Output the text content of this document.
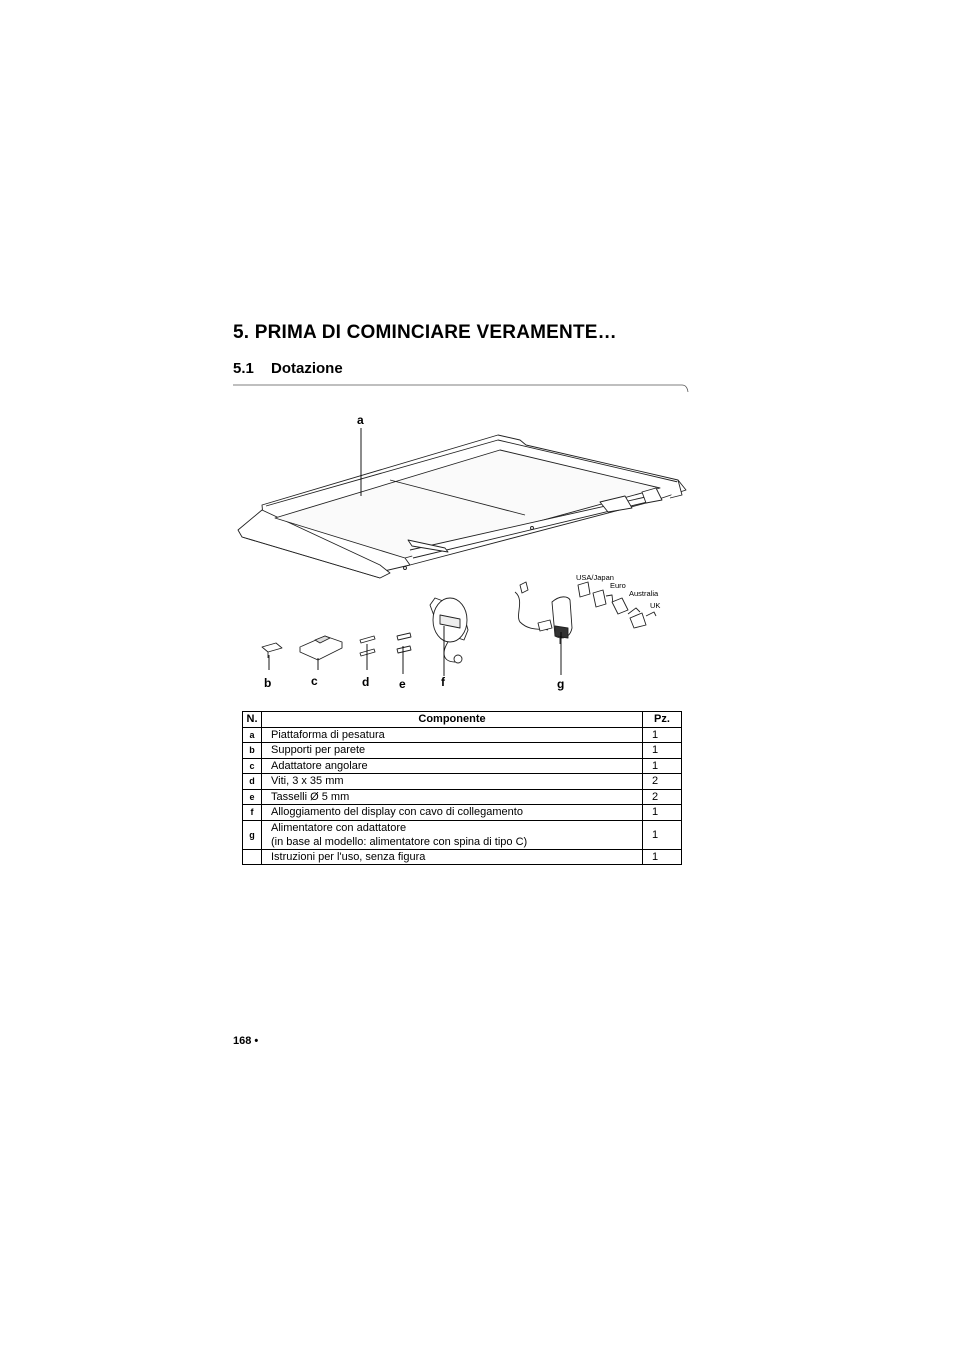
5. PRIMA DI COMINCIARE VERAMENTE…
5.1 Dotazione
a
b	c	d e	f	g
USA/Japan
Euro
Australia
UK
N.	Componente	Pz.
a	Piattaforma di pesatura	1
b	Supporti per parete	1
c	Adattatore angolare	1
d	Viti, 3 x 35 mm	2
e	Tasselli Ø 5 mm	2
f	Alloggiamento del display con cavo di collegamento	1
g	Alimentatore con adattatore
(in base al modello: alimentatore con spina di tipo C)	1

	Istruzioni per l'uso, senza figura	1
168 •
